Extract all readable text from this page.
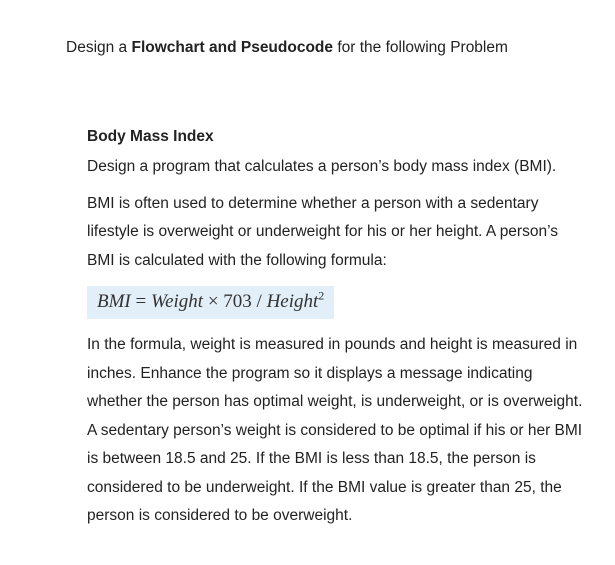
Design a Flowchart and Pseudocode for the following Problem

Body Mass Index

Design a program that calculates a person’s body mass index (BMI).

BMI is often used to determine whether a person with a sedentary
lifestyle is overweight or underweight for his or her height. A person’s
BMI is calculated with the following formula:

BMI = Weight × 703 / Height$^2$

In the formula, weight is measured in pounds and height is measured in
inches. Enhance the program so it displays a message indicating
whether the person has optimal weight, is underweight, or is overweight.
A sedentary person’s weight is considered to be optimal if his or her BMI
is between 18.5 and 25. If the BMI is less than 18.5, the person is
considered to be underweight. If the BMI value is greater than 25, the
person is considered to be overweight.
